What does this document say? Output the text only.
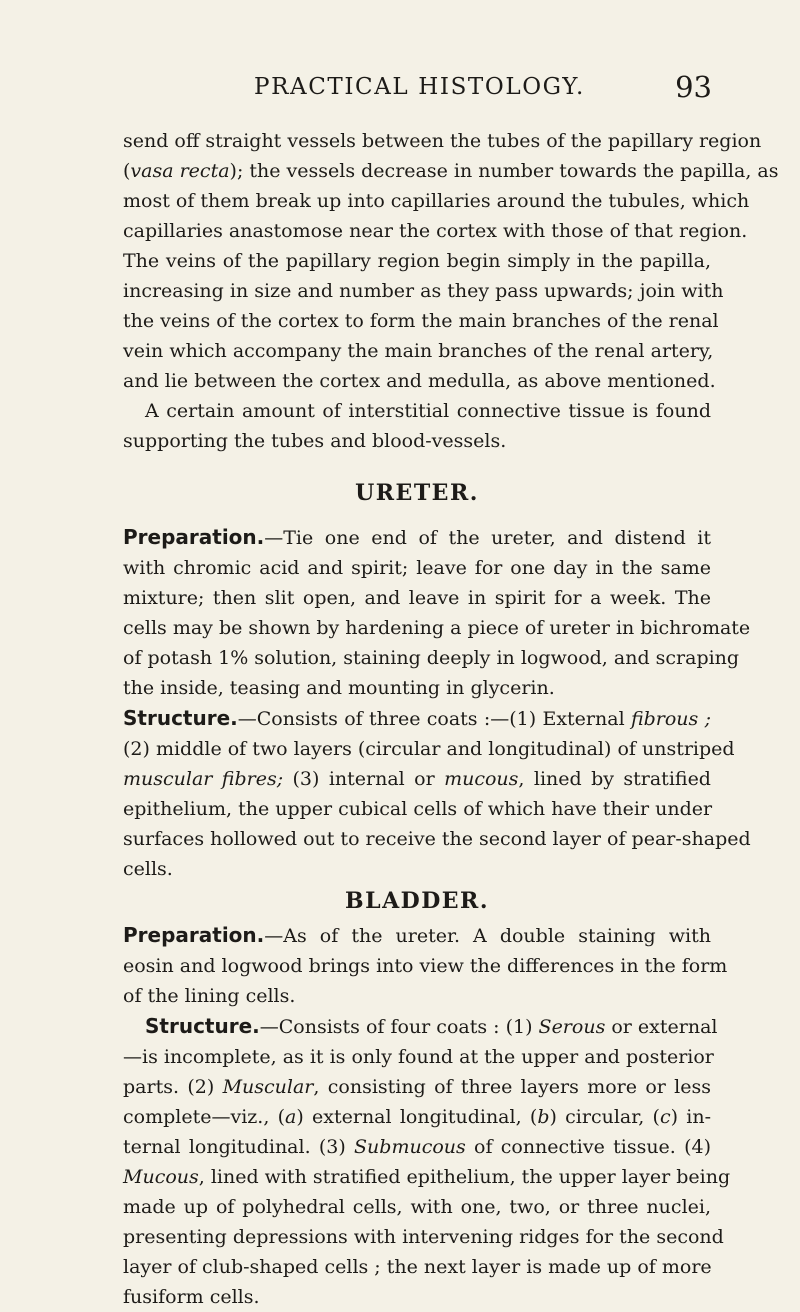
PRACTICAL HISTOLOGY.	93
send off straight vessels between the tubes of the papillary region
(vasa recta); the vessels decrease in number towards the papilla, as
most of them break up into capillaries around the tubules, which
capillaries anastomose near the cortex with those of that region.
The veins of the papillary region begin simply in the papilla,
increasing in size and number as they pass upwards; join with
the veins of the cortex to form the main branches of the renal
vein which accompany the main branches of the renal artery,
and lie between the cortex and medulla, as above mentioned.
A certain amount of interstitial connective tissue is found
supporting the tubes and blood-vessels.
URETER.
Preparation.—Tie one end of the ureter, and distend it
with chromic acid and spirit; leave for one day in the same
mixture; then slit open, and leave in spirit for a week. The
cells may be shown by hardening a piece of ureter in bichromate
of potash 1% solution, staining deeply in logwood, and scraping
the inside, teasing and mounting in glycerin.
Structure.—Consists of three coats :—(1) External fibrous ;
(2) middle of two layers (circular and longitudinal) of unstriped
muscular fibres; (3) internal or mucous, lined by stratified
epithelium, the upper cubical cells of which have their under
surfaces hollowed out to receive the second layer of pear-shaped
cells.
BLADDER.
Preparation.—As of the ureter. A double staining with
eosin and logwood brings into view the differences in the form
of the lining cells.
Structure.—Consists of four coats : (1) Serous or external
—is incomplete, as it is only found at the upper and posterior
parts. (2) Muscular, consisting of three layers more or less
complete—viz., (a) external longitudinal, (b) circular, (c) in-
ternal longitudinal. (3) Submucous of connective tissue. (4)
Mucous, lined with stratified epithelium, the upper layer being
made up of polyhedral cells, with one, two, or three nuclei,
presenting depressions with intervening ridges for the second
layer of club-shaped cells ; the next layer is made up of more
fusiform cells.
